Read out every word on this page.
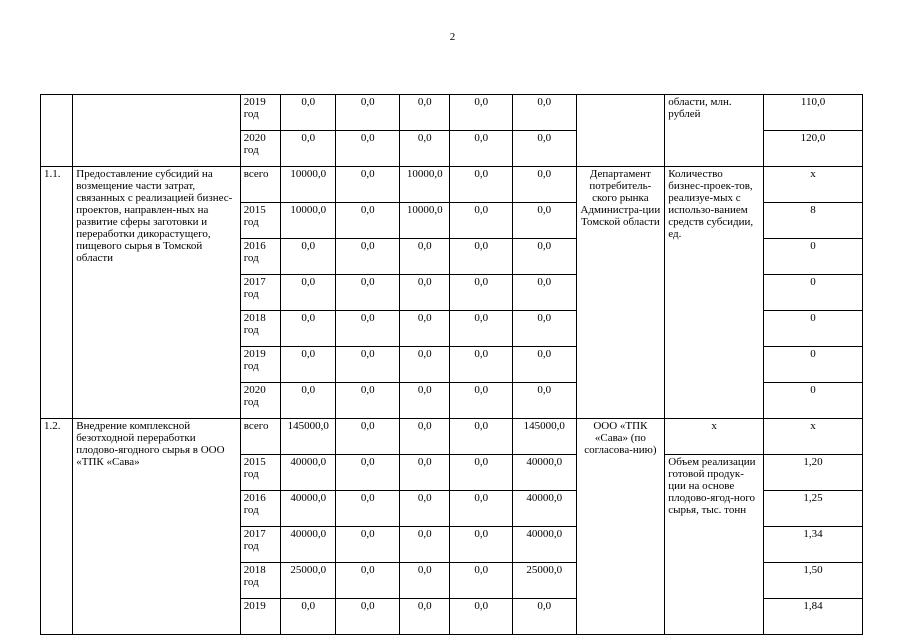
2
		2019 год	0,0	0,0	0,0	0,0	0,0		области, млн. рублей	110,0
		2020 год	0,0	0,0	0,0	0,0	0,0			120,0
1.1.	Предоставление субсидий на возмещение части затрат, связанных с реализацией бизнес-проектов, направлен-ных на развитие сферы заготовки и переработки дикорастущего, пищевого сырья в Томской области	всего	10000,0	0,0	10000,0	0,0	0,0	Департамент потребитель-ского рынка Администра-ции Томской области	Количество бизнес-проек-тов, реализуе-мых с использо-ванием средств субсидии, ед.	х
		2015 год	10000,0	0,0	10000,0	0,0	0,0			8
		2016 год	0,0	0,0	0,0	0,0	0,0			0
		2017 год	0,0	0,0	0,0	0,0	0,0			0
		2018 год	0,0	0,0	0,0	0,0	0,0			0
		2019 год	0,0	0,0	0,0	0,0	0,0			0
		2020 год	0,0	0,0	0,0	0,0	0,0			0
1.2.	Внедрение комплексной безотходной переработки плодово-ягодного сырья в ООО «ТПК «Сава»	всего	145000,0	0,0	0,0	0,0	145000,0	ООО «ТПК «Сава» (по согласова-нию)	х	х
		2015 год	40000,0	0,0	0,0	0,0	40000,0		Объем реализации готовой продук-ции на основе плодово-ягод-ного сырья, тыс. тонн	1,20
		2016 год	40000,0	0,0	0,0	0,0	40000,0			1,25
		2017 год	40000,0	0,0	0,0	0,0	40000,0			1,34
		2018 год	25000,0	0,0	0,0	0,0	25000,0			1,50
		2019	0,0	0,0	0,0	0,0	0,0			1,84
